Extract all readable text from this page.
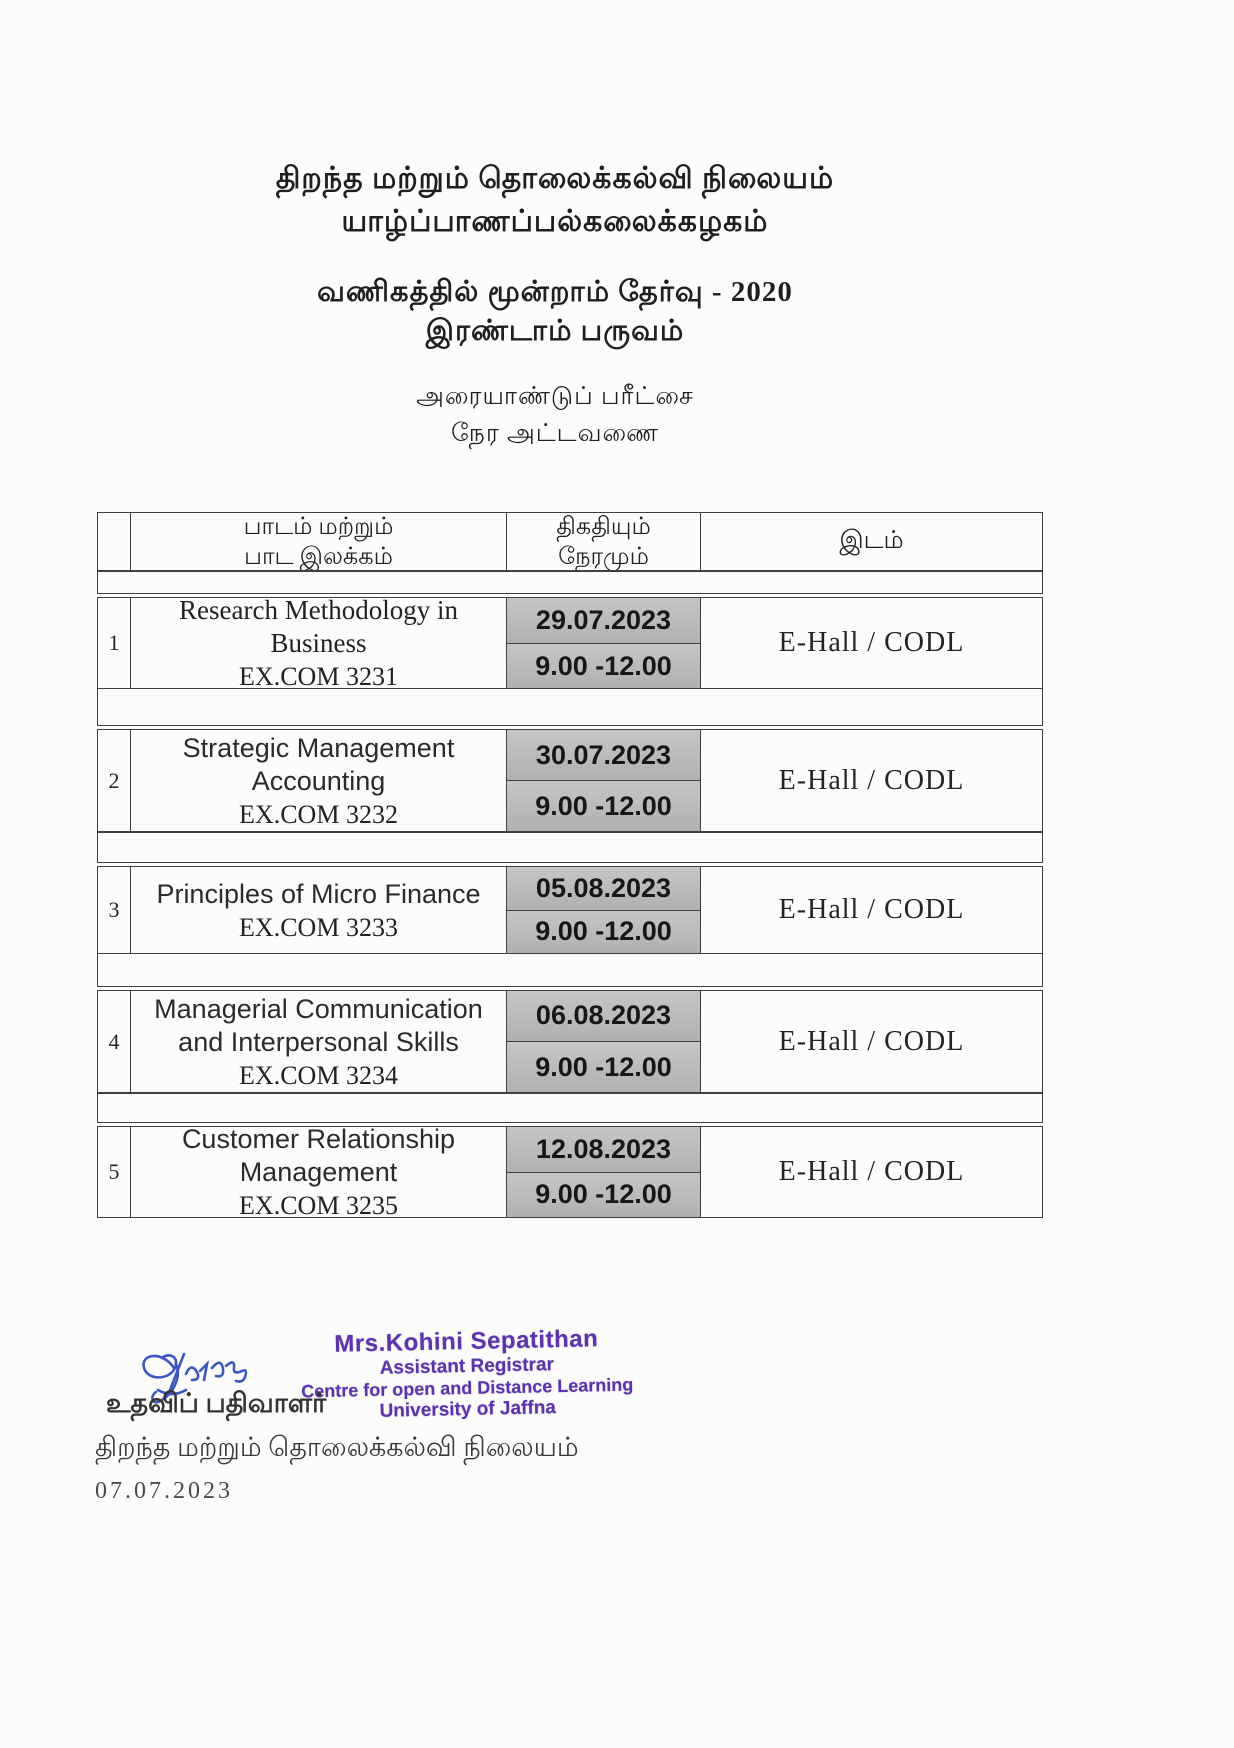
திறந்த மற்றும் தொலைக்கல்வி நிலையம்
யாழ்ப்பாணப்பல்கலைக்கழகம்
வணிகத்தில் மூன்றாம் தேர்வு - 2020
இரண்டாம் பருவம்
அரையாண்டுப் பரீட்சை
நேர அட்டவணை
பாடம் மற்றும்
பாட இலக்கம்
திகதியும்
நேரமும்
இடம்
1
Research Methodology in Business
EX.COM 3231
29.07.2023
9.00 -12.00
E-Hall / CODL
2
Strategic Management Accounting
EX.COM 3232
30.07.2023
9.00 -12.00
E-Hall / CODL
3
Principles of Micro Finance
EX.COM 3233
05.08.2023
9.00 -12.00
E-Hall / CODL
4
Managerial Communication and Interpersonal Skills
EX.COM 3234
06.08.2023
9.00 -12.00
E-Hall / CODL
5
Customer Relationship Management
EX.COM 3235
12.08.2023
9.00 -12.00
E-Hall / CODL
Mrs.Kohini Sepatithan
Assistant Registrar
Centre for open and Distance Learning
University of Jaffna
உதவிப் பதிவாளர்
திறந்த மற்றும் தொலைக்கல்வி நிலையம்
07.07.2023
